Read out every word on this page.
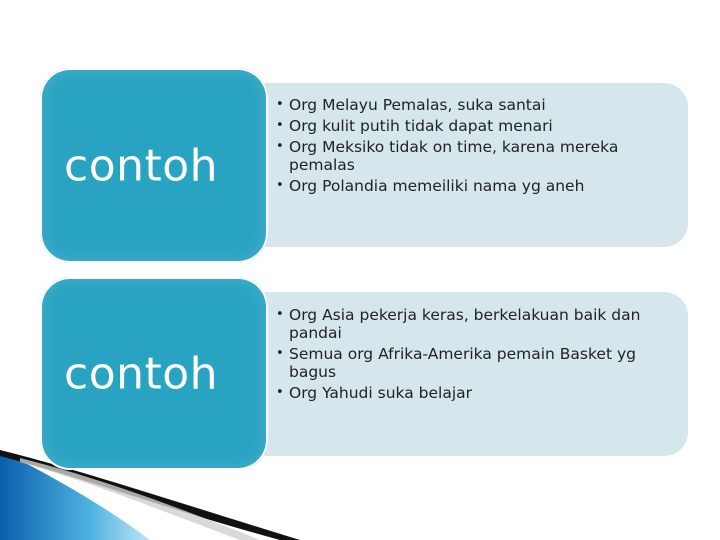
contoh
• Org Melayu Pemalas, suka santai
• Org kulit putih tidak dapat menari
• Org Meksiko tidak on time, karena mereka pemalas
• Org Polandia memeiliki nama yg aneh
contoh
• Org Asia pekerja keras, berkelakuan baik dan pandai
• Semua org Afrika-Amerika pemain Basket yg bagus
• Org Yahudi suka belajar
